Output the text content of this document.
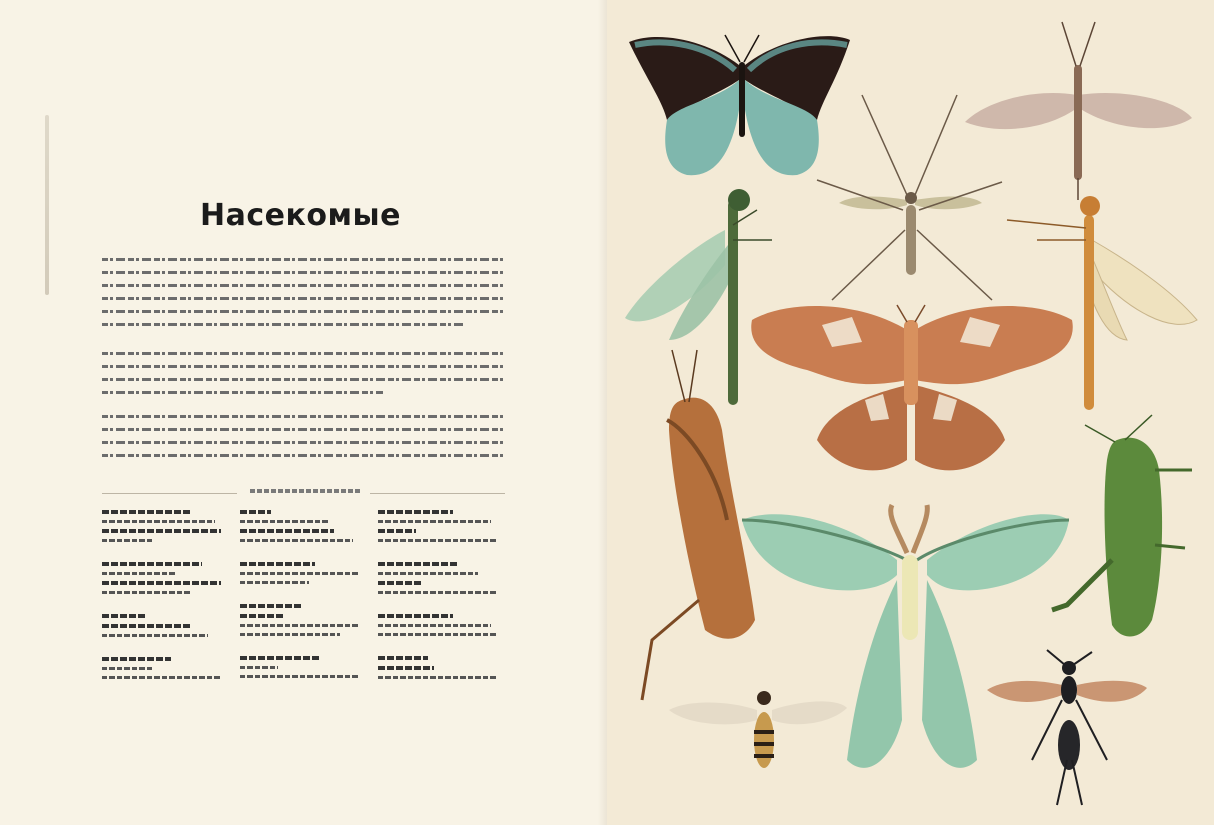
Насекомые
